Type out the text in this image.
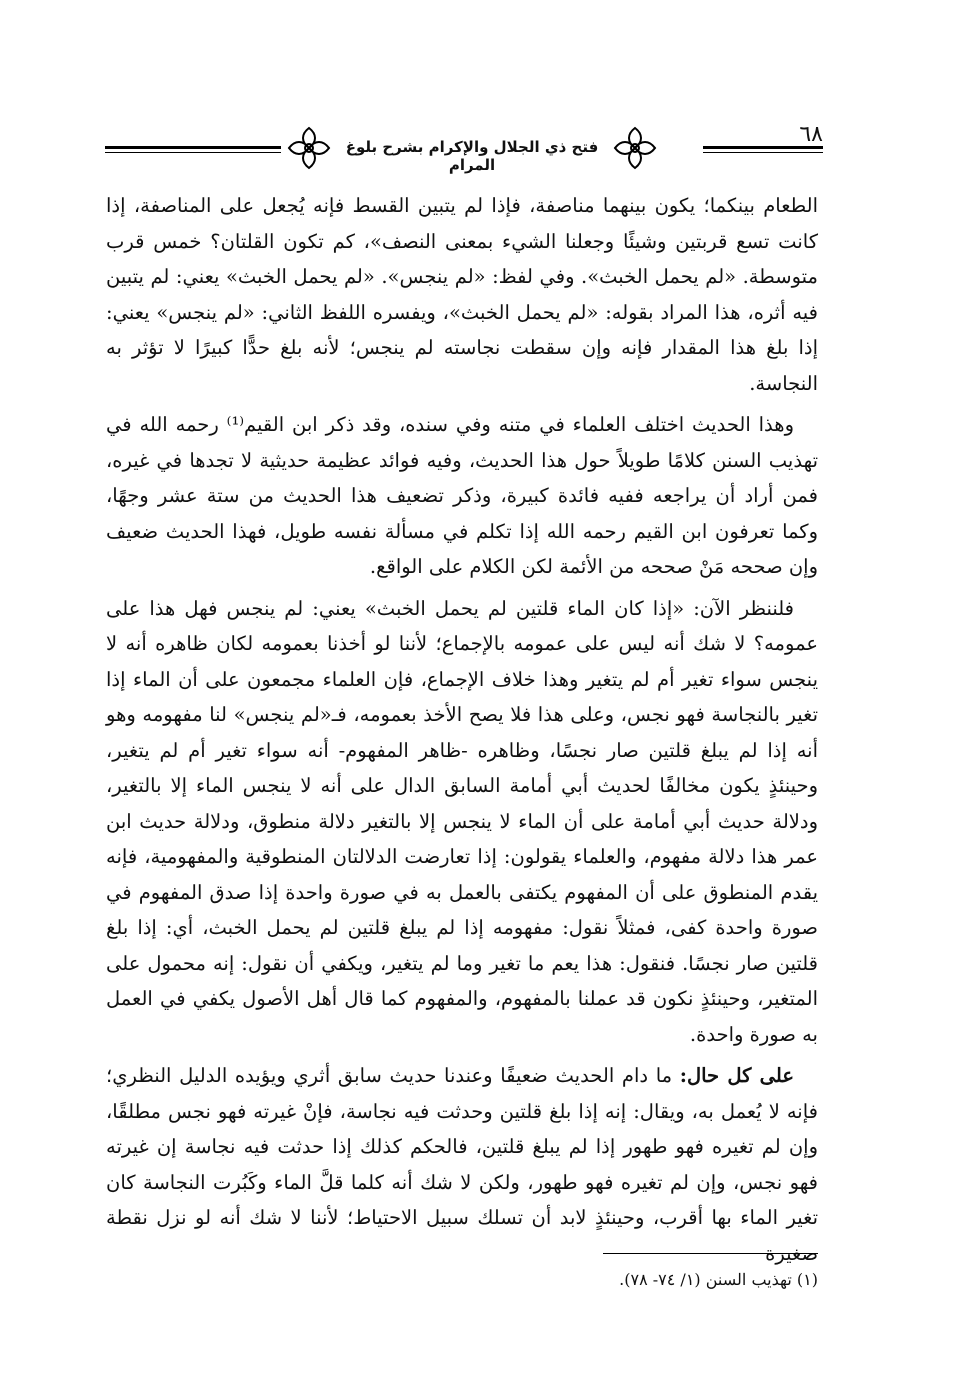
فتح ذي الجلال والإكرام بشرح بلوغ المرام
٦٨

الطعام بينكما؛ يكون بينهما مناصفة، فإذا لم يتبين القسط فإنه يُجعل على المناصفة، إذا كانت تسع قربتين وشيئًا وجعلنا الشيء بمعنى النصف»، كم تكون القلتان؟ خمس قرب متوسطة. «لم يحمل الخبث». وفي لفظ: «لم ينجس». «لم يحمل الخبث» يعني: لم يتبين فيه أثره، هذا المراد بقوله: «لم يحمل الخبث»، ويفسره اللفظ الثاني: «لم ينجس» يعني: إذا بلغ هذا المقدار فإنه وإن سقطت نجاسته لم ينجس؛ لأنه بلغ حدًّا كبيرًا لا تؤثر به النجاسة.

وهذا الحديث اختلف العلماء في متنه وفي سنده، وقد ذكر ابن القيم⁽¹⁾ رحمه الله في تهذيب السنن كلامًا طويلاً حول هذا الحديث، وفيه فوائد عظيمة حديثية لا تجدها في غيره، فمن أراد أن يراجعه ففيه فائدة كبيرة، وذكر تضعيف هذا الحديث من ستة عشر وجهًا، وكما تعرفون ابن القيم رحمه الله إذا تكلم في مسألة نفسه طويل، فهذا الحديث ضعيف وإن صححه مَنْ صححه من الأئمة لكن الكلام على الواقع.

فلننظر الآن: «إذا كان الماء قلتين لم يحمل الخبث» يعني: لم ينجس فهل هذا على عمومه؟ لا شك أنه ليس على عمومه بالإجماع؛ لأننا لو أخذنا بعمومه لكان ظاهره أنه لا ينجس سواء تغير أم لم يتغير وهذا خلاف الإجماع، فإن العلماء مجمعون على أن الماء إذا تغير بالنجاسة فهو نجس، وعلى هذا فلا يصح الأخذ بعمومه، فـ«لم ينجس» لنا مفهومه وهو أنه إذا لم يبلغ قلتين صار نجسًا، وظاهره -ظاهر المفهوم- أنه سواء تغير أم لم يتغير، وحينئذٍ يكون مخالفًا لحديث أبي أمامة السابق الدال على أنه لا ينجس الماء إلا بالتغير، ودلالة حديث أبي أمامة على أن الماء لا ينجس إلا بالتغير دلالة منطوق، ودلالة حديث ابن عمر هذا دلالة مفهوم، والعلماء يقولون: إذا تعارضت الدلالتان المنطوقية والمفهومية، فإنه يقدم المنطوق على أن المفهوم يكتفى بالعمل به في صورة واحدة إذا صدق المفهوم في صورة واحدة كفى، فمثلاً نقول: مفهومه إذا لم يبلغ قلتين لم يحمل الخبث، أي: إذا بلغ قلتين صار نجسًا. فنقول: هذا يعم ما تغير وما لم يتغير، ويكفي أن نقول: إنه محمول على المتغير، وحينئذٍ نكون قد عملنا بالمفهوم، والمفهوم كما قال أهل الأصول يكفي في العمل به صورة واحدة.

على كل حال: ما دام الحديث ضعيفًا وعندنا حديث سابق أثري ويؤيده الدليل النظري؛ فإنه لا يُعمل به، ويقال: إنه إذا بلغ قلتين وحدثت فيه نجاسة، فإنْ غيرته فهو نجس مطلقًا، وإن لم تغيره فهو طهور إذا لم يبلغ قلتين، فالحكم كذلك إذا حدثت فيه نجاسة إن غيرته فهو نجس، وإن لم تغيره فهو طهور، ولكن لا شك أنه كلما قلَّ الماء وكَبُرت النجاسة كان تغير الماء بها أقرب، وحينئذٍ لابد أن تسلك سبيل الاحتياط؛ لأننا لا شك أنه لو نزل نقطة صغيرة

(١) تهذيب السنن (١/ ٧٤- ٧٨).
